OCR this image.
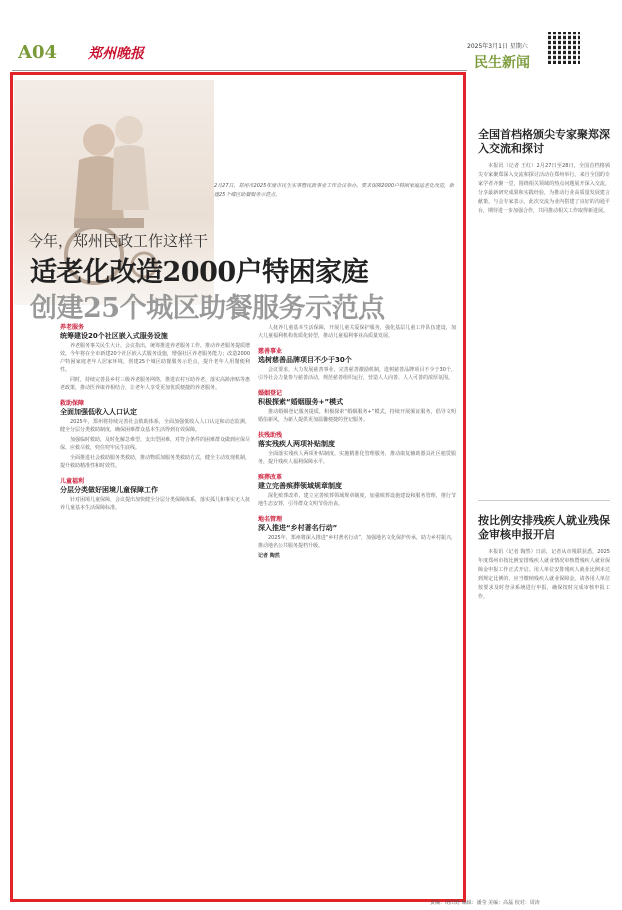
A04 郑州晚报	2025年3月1日 星期六
民生新闻
2月27日，郑州市2025年度市民生实事暨民政事业工作会议举办，要求保障2000户特困家庭适老化改造，新建25个城区助餐服务示范点。
今年，郑州民政工作这样干
适老化改造2000户特困家庭
创建25个城区助餐服务示范点
养老服务
统筹建设20个社区嵌入式服务设施

养老服务事关民生大计。会议指出，统筹推进养老服务工作，推动养老服务提质增效。今年将在全市新建20个社区嵌入式服务设施，增强社区养老服务能力；改造2000户特困家庭老年人居家环境，创建25个城区助餐服务示范点，提升老年人用餐便利性。

同时，持续完善县乡村三级养老服务网络，推进农村互助养老，落实高龄津贴等惠老政策，推动医养康养相结合，让老年人享受更加优质便捷的养老服务。

救助保障
全面加强低收入人口认定

2025年，郑州将持续完善社会救助体系，全面加强低收入人口认定和动态监测，健全分层分类救助制度，确保困难群众基本生活得到有效保障。

加强临时救助，及时化解急难型、支出型困难，对符合条件的困难群众做到应保尽保、应救尽救，兜住兜牢民生底线。

全面推进社会救助服务类救助，推动物质加服务类救助方式，健全主动发现机制，提升救助精准性和时效性。

儿童福利
分层分类做好困境儿童保障工作

针对困境儿童保障，会议提出加快健全分层分类保障体系，落实孤儿和事实无人抚养儿童基本生活保障标准。

人抚养儿童基本生活保障，开展儿童关爱保护服务，强化基层儿童工作队伍建设，加大儿童福利机构优质化转型，推动儿童福利事业高质量发展。

慈善事业
选树慈善品牌项目不少于30个

会议要求，大力发展慈善事业，完善慈善激励机制，选树慈善品牌项目不少于30个，引导社会力量参与慈善活动，规范慈善组织运行，营造人人向善、人人可善的浓厚氛围。

婚姻登记
积极探索“婚姻服务+”模式

推动婚姻登记服务提质，积极探索“婚姻服务+”模式，持续开展颁证服务，倡导文明婚俗新风，为新人提供更加温馨便捷的登记服务。

扶残助残
落实残疾人两项补贴制度

全面落实残疾人两项补贴制度，实施精准化管理服务，推动康复辅助器具社区租赁服务，提升残疾人福利保障水平。

殡葬改革
建立完善殡葬领域规章制度

深化殡葬改革，建立完善殡葬领域规章制度，加强殡葬设施建设和服务管理，推行节地生态安葬，引导群众文明节俭治丧。

地名管理
深入推进“乡村著名行动”

2025年，郑州将深入推进“乡村著名行动”，加强地名文化保护传承，助力乡村振兴，推动地名公共服务提档升级。

记者 陶然
全国首档格颁尖专家聚郑深入交流和探讨

本报讯（记者 王红）2月27日至28日，全国首档格颁尖专家聚郑深入交流和探讨活动在郑州举行。来自全国的专家学者齐聚一堂，围绕相关领域的热点问题展开深入交流，分享最新研究成果和实践经验，为推动行业高质量发展建言献策。与会专家表示，此次交流为业内搭建了良好的沟通平台，期待进一步加强合作，共同推动相关工作取得新进展。

按比例安排残疾人就业残保金审核申报开启

本报讯（记者 陶然）日前，记者从市残联获悉，2025年度郑州市按比例安排残疾人就业情况审核暨残疾人就业保障金申报工作正式开启。用人单位安排残疾人就业比例未达到规定比例的，应当缴纳残疾人就业保障金。请各用人单位按要求及时登录系统进行申报，确保按时完成审核申报工作。

责编：胡田野 编辑：潘莹 美编：高磊 校对：周涛
